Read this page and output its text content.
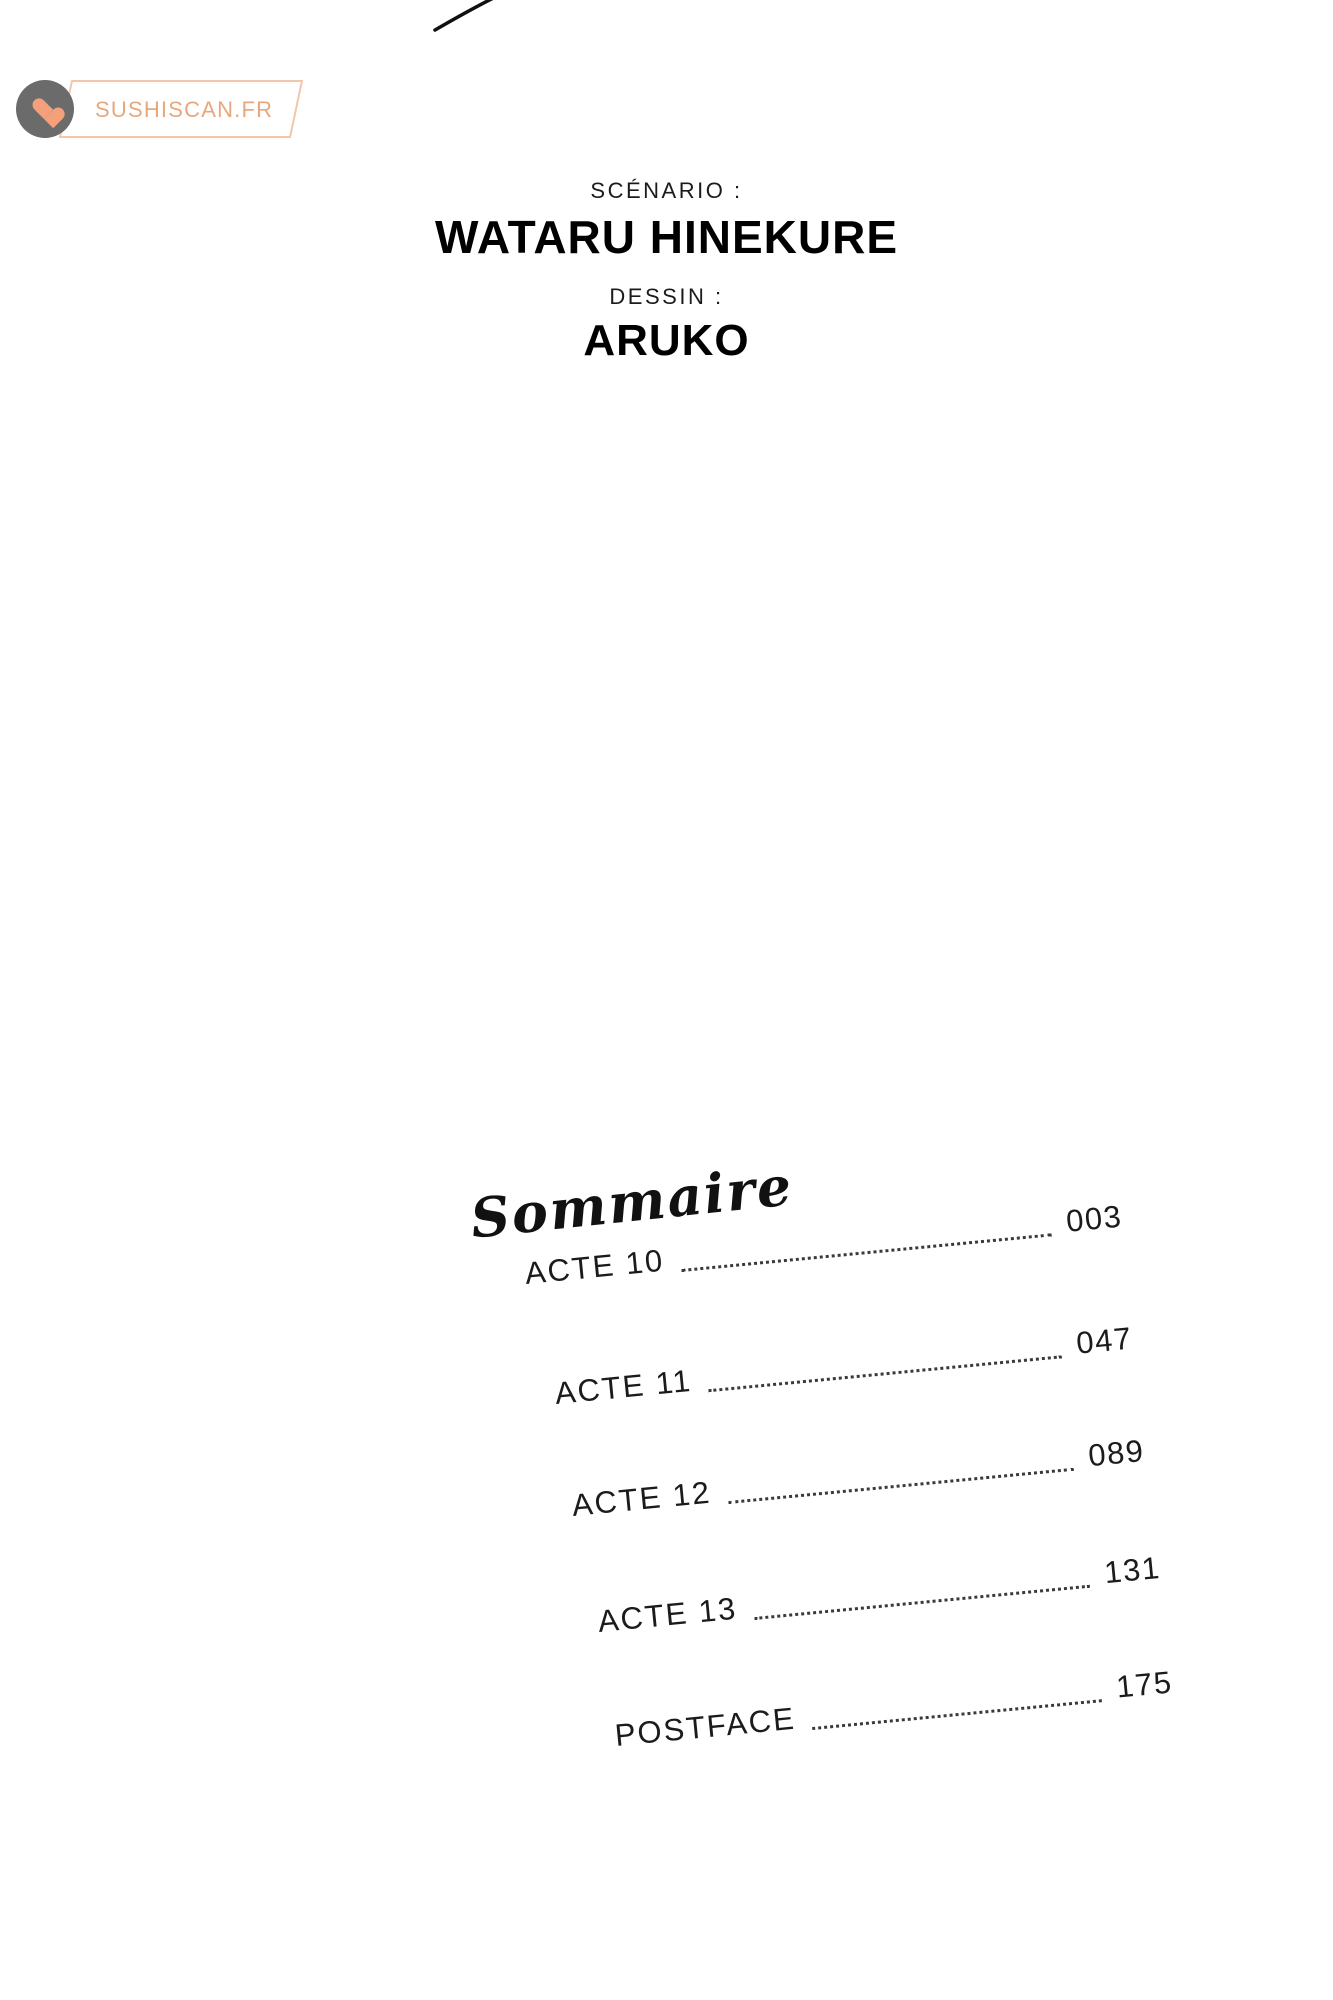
SUSHISCAN.FR
SCÉNARIO :
WATARU HINEKURE
DESSIN :
ARUKO
Sommaire
ACTE 10
003
ACTE 11
047
ACTE 12
089
ACTE 13
131
POSTFACE
175
